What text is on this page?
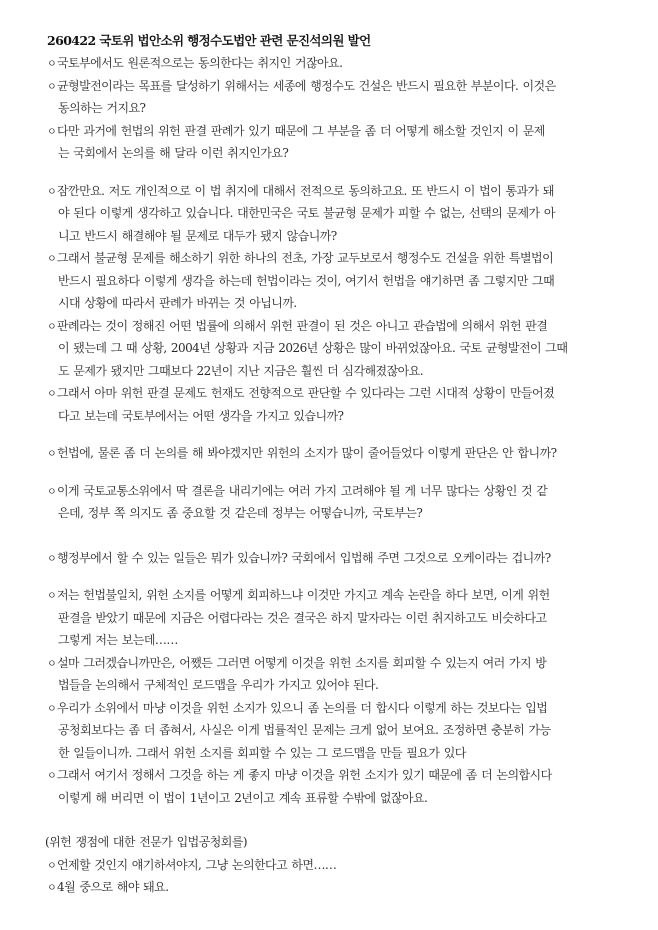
260422 국토위 법안소위 행정수도법안 관련 문진석의원 발언
ㅇ국토부에서도 원론적으로는 동의한다는 취지인 거잖아요.
ㅇ균형발전이라는 목표를 달성하기 위해서는 세종에 행정수도 건설은 반드시 필요한 부분이다. 이것은
동의하는 거지요?
ㅇ다만 과거에 헌법의 위헌 판결 판례가 있기 때문에 그 부분을 좀 더 어떻게 해소할 것인지 이 문제
는 국회에서 논의를 해 달라 이런 취지인가요?
ㅇ잠깐만요. 저도 개인적으로 이 법 취지에 대해서 전적으로 동의하고요. 또 반드시 이 법이 통과가 돼
야 된다 이렇게 생각하고 있습니다. 대한민국은 국토 불균형 문제가 피할 수 없는, 선택의 문제가 아
니고 반드시 해결해야 될 문제로 대두가 됐지 않습니까?
ㅇ그래서 불균형 문제를 해소하기 위한 하나의 전초, 가장 교두보로서 행정수도 건설을 위한 특별법이
반드시 필요하다 이렇게 생각을 하는데 헌법이라는 것이, 여기서 헌법을 얘기하면 좀 그렇지만 그때
시대 상황에 따라서 판례가 바뀌는 것 아닙니까.
ㅇ판례라는 것이 정해진 어떤 법률에 의해서 위헌 판결이 된 것은 아니고 관습법에 의해서 위헌 판결
이 됐는데 그 때 상황, 2004년 상황과 지금 2026년 상황은 많이 바뀌었잖아요. 국토 균형발전이 그때
도 문제가 됐지만 그때보다 22년이 지난 지금은 훨씬 더 심각해졌잖아요.
ㅇ그래서 아마 위헌 판결 문제도 헌재도 전향적으로 판단할 수 있다라는 그런 시대적 상황이 만들어졌
다고 보는데 국토부에서는 어떤 생각을 가지고 있습니까?
ㅇ헌법에, 물론 좀 더 논의를 해 봐야겠지만 위헌의 소지가 많이 줄어들었다 이렇게 판단은 안 합니까?
ㅇ이게 국토교통소위에서 딱 결론을 내리기에는 여러 가지 고려해야 될 게 너무 많다는 상황인 것 같
은데, 정부 쪽 의지도 좀 중요할 것 같은데 정부는 어떻습니까, 국토부는?
ㅇ행정부에서 할 수 있는 일들은 뭐가 있습니까? 국회에서 입법해 주면 그것으로 오케이라는 겁니까?
ㅇ저는 헌법불일치, 위헌 소지를 어떻게 회피하느냐 이것만 가지고 계속 논란을 하다 보면, 이게 위헌
판결을 받았기 때문에 지금은 어렵다라는 것은 결국은 하지 말자라는 이런 취지하고도 비슷하다고
그렇게 저는 보는데……
ㅇ설마 그러겠습니까만은, 어쨌든 그러면 어떻게 이것을 위헌 소지를 회피할 수 있는지 여러 가지 방
법들을 논의해서 구체적인 로드맵을 우리가 가지고 있어야 된다.
ㅇ우리가 소위에서 마냥 이것을 위헌 소지가 있으니 좀 논의를 더 합시다 이렇게 하는 것보다는 입법
공청회보다는 좀 더 좁혀서, 사실은 이게 법률적인 문제는 크게 없어 보여요. 조정하면 충분히 가능
한 일들이니까. 그래서 위헌 소지를 회피할 수 있는 그 로드맵을 만들 필요가 있다
ㅇ그래서 여기서 정해서 그것을 하는 게 좋지 마냥 이것을 위헌 소지가 있기 때문에 좀 더 논의합시다
이렇게 해 버리면 이 법이 1년이고 2년이고 계속 표류할 수밖에 없잖아요.
(위헌 쟁점에 대한 전문가 입법공청회를)
ㅇ언제할 것인지 얘기하셔야지, 그냥 논의한다고 하면……
ㅇ4월 중으로 해야 돼요.
